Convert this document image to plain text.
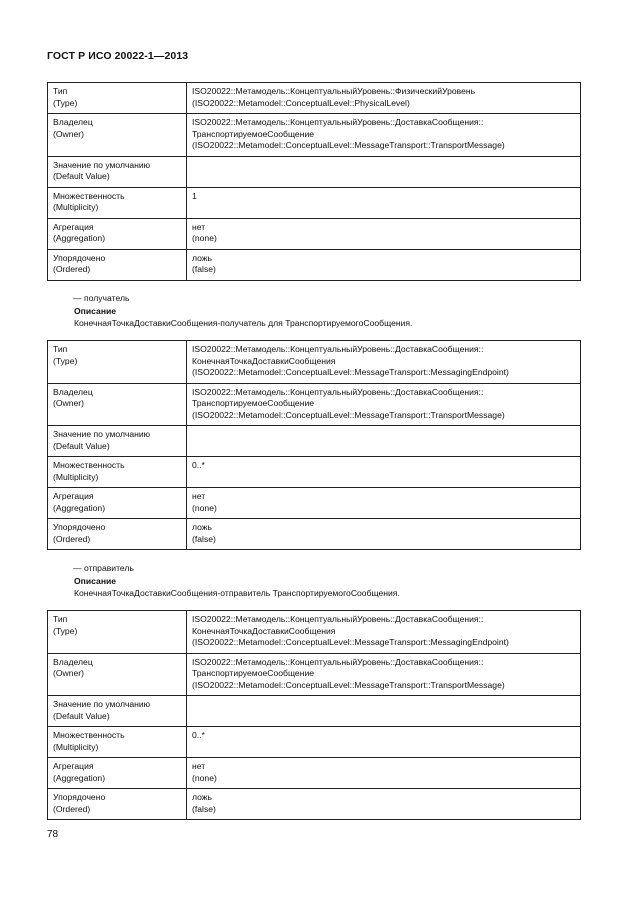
ГОСТ Р ИСО 20022-1—2013
Тип
(Type)	ISO20022::Метамодель::КонцептуальныйУровень::ФизическийУровень
(ISO20022::Metamodel::ConceptualLevel::PhysicalLevel)
Владелец
(Owner)	ISO20022::Метамодель::КонцептуальныйУровень::ДоставкаСообщения::
ТранспортируемоеСообщение
(ISO20022::Metamodel::ConceptualLevel::MessageTransport::TransportMessage)
Значение по умолчанию
(Default Value)	
Множественность
(Multiplicity)	1
Агрегация
(Aggregation)	нет
(none)
Упорядочено
(Ordered)	ложь
(false)
— получатель
Описание
КонечнаяТочкаДоставкиСообщения-получатель для ТранспортируемогоСообщения.
Тип
(Type)	ISO20022::Метамодель::КонцептуальныйУровень::ДоставкаСообщения::
КонечнаяТочкаДоставкиСообщения
(ISO20022::Metamodel::ConceptualLevel::MessageTransport::MessagingEndpoint)
Владелец
(Owner)	ISO20022::Метамодель::КонцептуальныйУровень::ДоставкаСообщения::
ТранспортируемоеСообщение
(ISO20022::Metamodel::ConceptualLevel::MessageTransport::TransportMessage)
Значение по умолчанию
(Default Value)	
Множественность
(Multiplicity)	0..*
Агрегация
(Aggregation)	нет
(none)
Упорядочено
(Ordered)	ложь
(false)
— отправитель
Описание
КонечнаяТочкаДоставкиСообщения-отправитель ТранспортируемогоСообщения.
Тип
(Type)	ISO20022::Метамодель::КонцептуальныйУровень::ДоставкаСообщения::
КонечнаяТочкаДоставкиСообщения
(ISO20022::Metamodel::ConceptualLevel::MessageTransport::MessagingEndpoint)
Владелец
(Owner)	ISO20022::Метамодель::КонцептуальныйУровень::ДоставкаСообщения::
ТранспортируемоеСообщение
(ISO20022::Metamodel::ConceptualLevel::MessageTransport::TransportMessage)
Значение по умолчанию
(Default Value)	
Множественность
(Multiplicity)	0..*
Агрегация
(Aggregation)	нет
(none)
Упорядочено
(Ordered)	ложь
(false)
78
